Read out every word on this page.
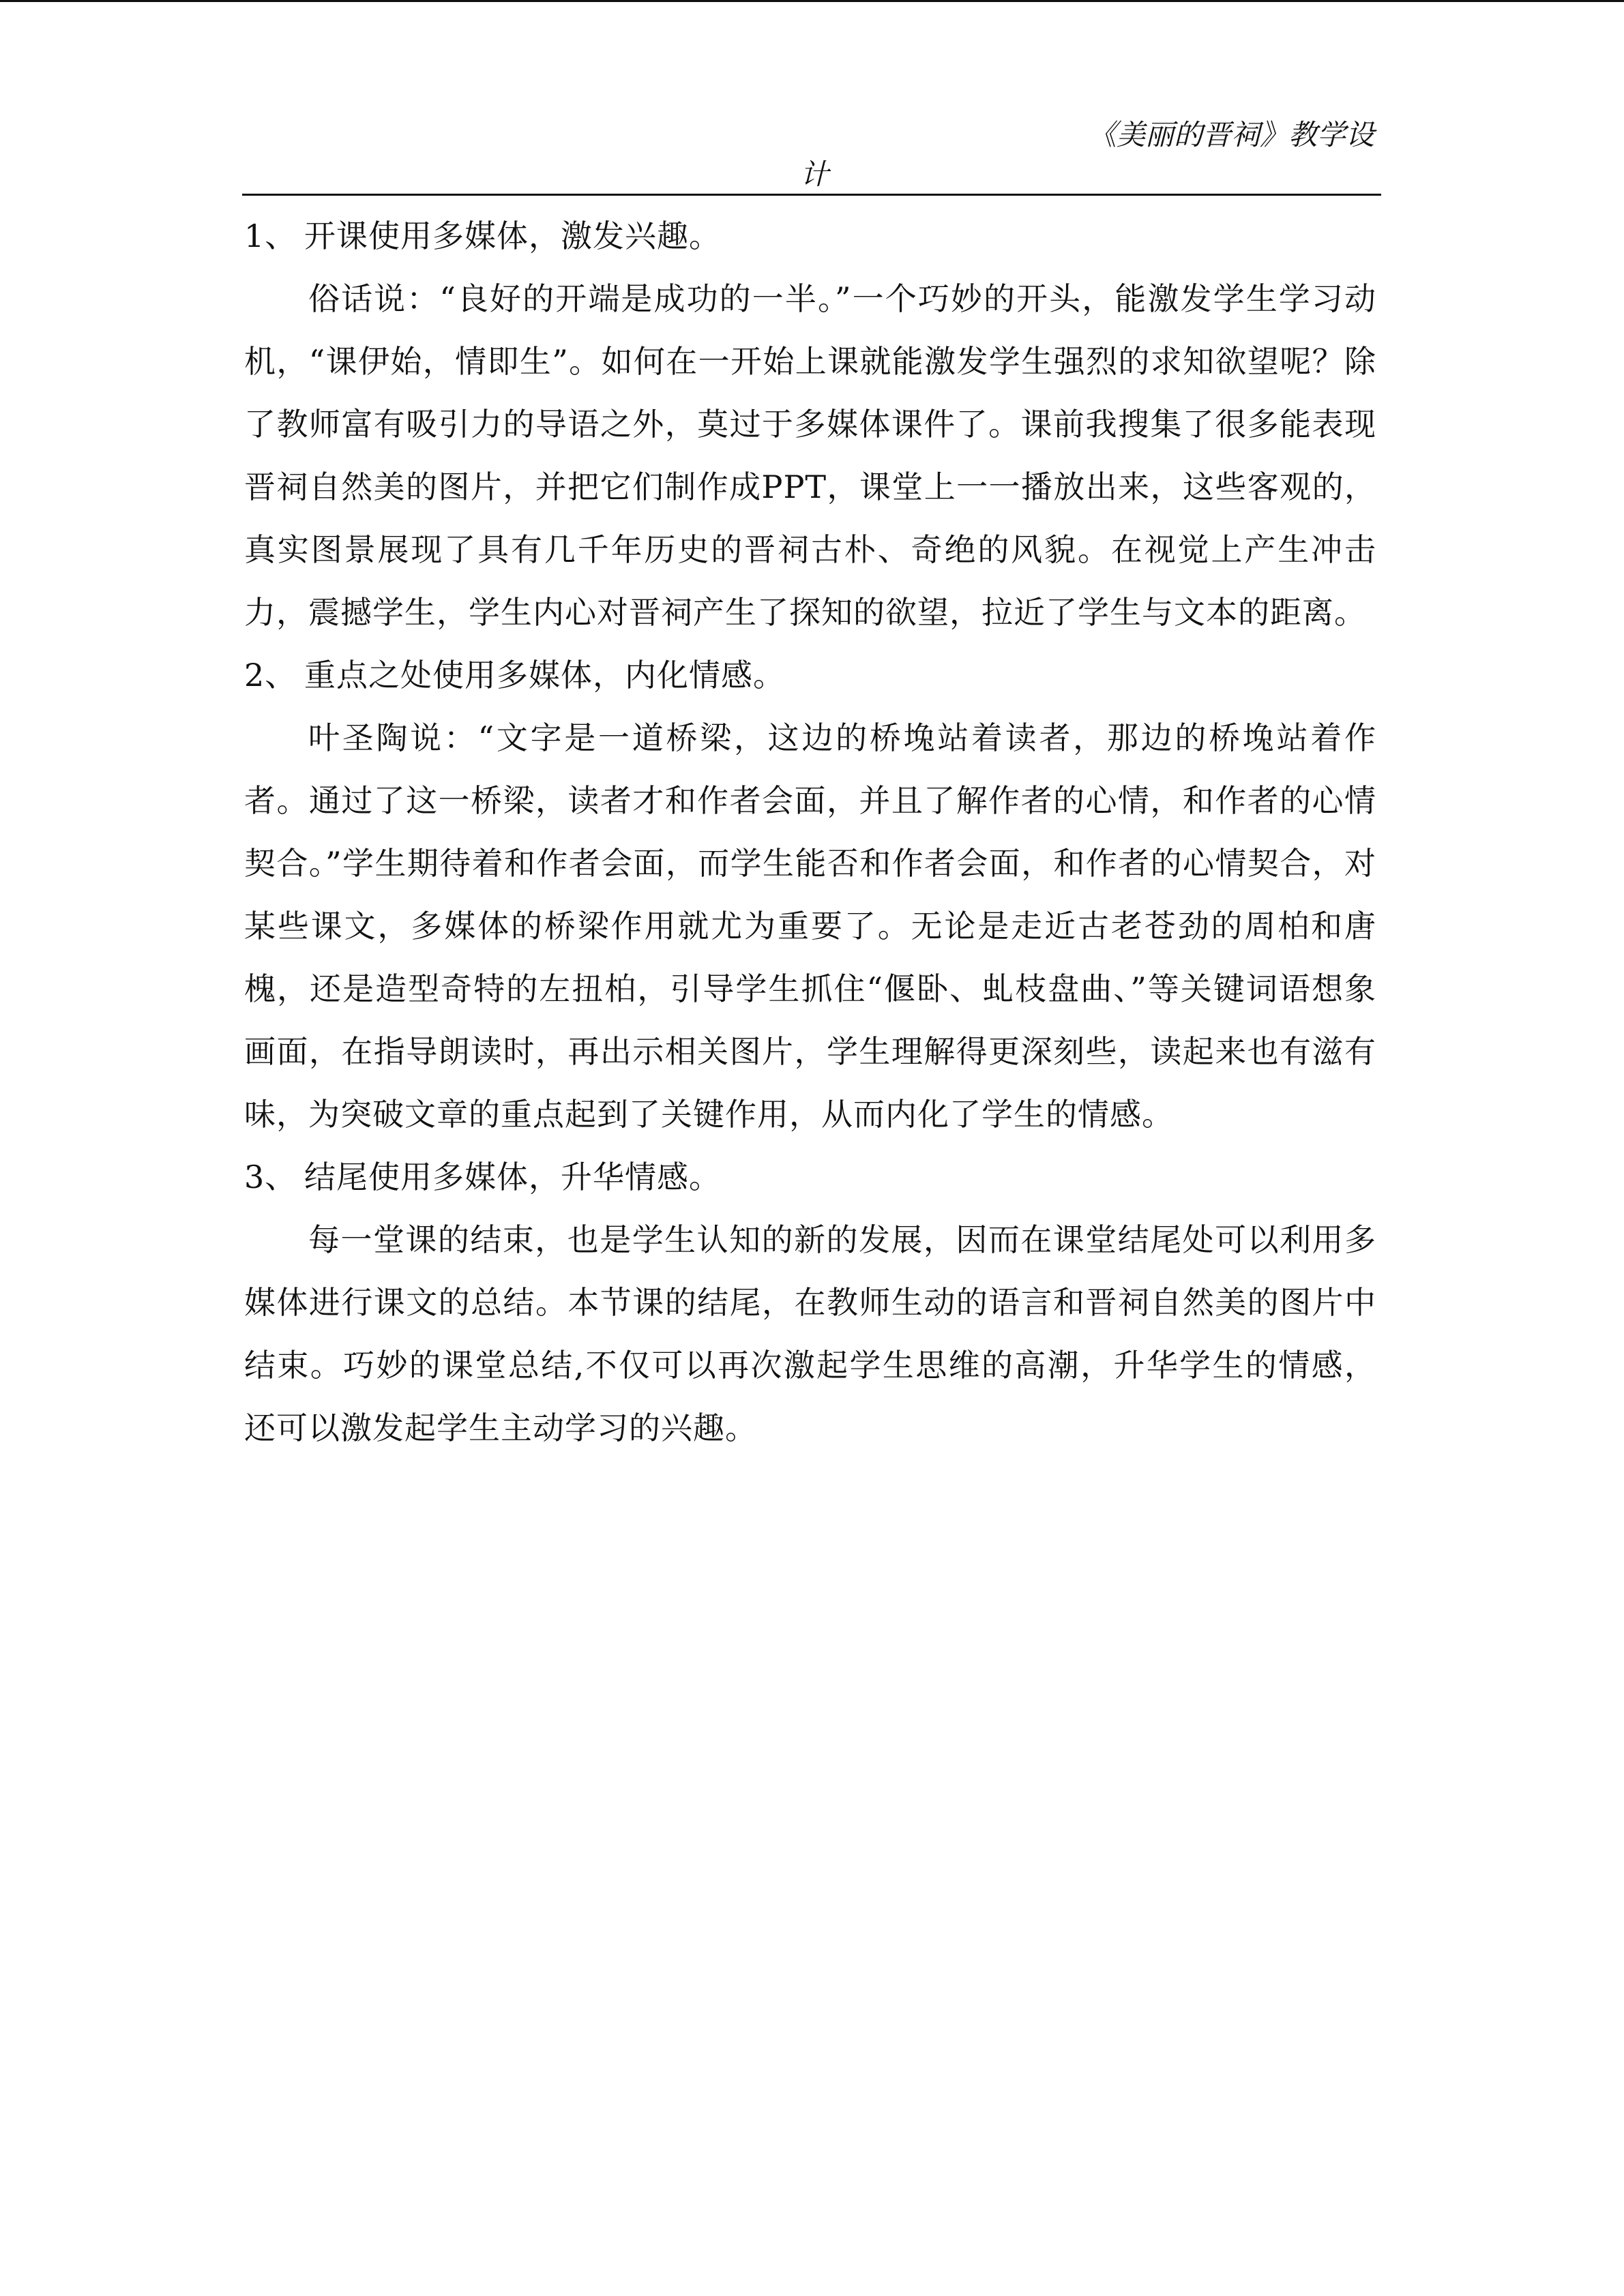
《美丽的晋祠》教学设
计

1、 开课使用多媒体，激发兴趣。

俗话说：“良好的开端是成功的一半。”一个巧妙的开头，能激发学生学习动机，“课伊始，情即生”。如何在一开始上课就能激发学生强烈的求知欲望呢？除了教师富有吸引力的导语之外，莫过于多媒体课件了。课前我搜集了很多能表现晋祠自然美的图片，并把它们制作成PPT，课堂上一一播放出来，这些客观的，真实图景展现了具有几千年历史的晋祠古朴、奇绝的风貌。在视觉上产生冲击力，震撼学生，学生内心对晋祠产生了探知的欲望，拉近了学生与文本的距离。

2、 重点之处使用多媒体，内化情感。

叶圣陶说：“文字是一道桥梁，这边的桥堍站着读者，那边的桥堍站着作者。通过了这一桥梁，读者才和作者会面，并且了解作者的心情，和作者的心情契合。”学生期待着和作者会面，而学生能否和作者会面，和作者的心情契合，对某些课文，多媒体的桥梁作用就尤为重要了。无论是走近古老苍劲的周柏和唐槐，还是造型奇特的左扭柏，引导学生抓住“偃卧、虬枝盘曲、”等关键词语想象画面，在指导朗读时，再出示相关图片，学生理解得更深刻些，读起来也有滋有味，为突破文章的重点起到了关键作用，从而内化了学生的情感。

3、 结尾使用多媒体，升华情感。

每一堂课的结束，也是学生认知的新的发展，因而在课堂结尾处可以利用多媒体进行课文的总结。本节课的结尾，在教师生动的语言和晋祠自然美的图片中结束。巧妙的课堂总结,不仅可以再次激起学生思维的高潮，升华学生的情感，还可以激发起学生主动学习的兴趣。
